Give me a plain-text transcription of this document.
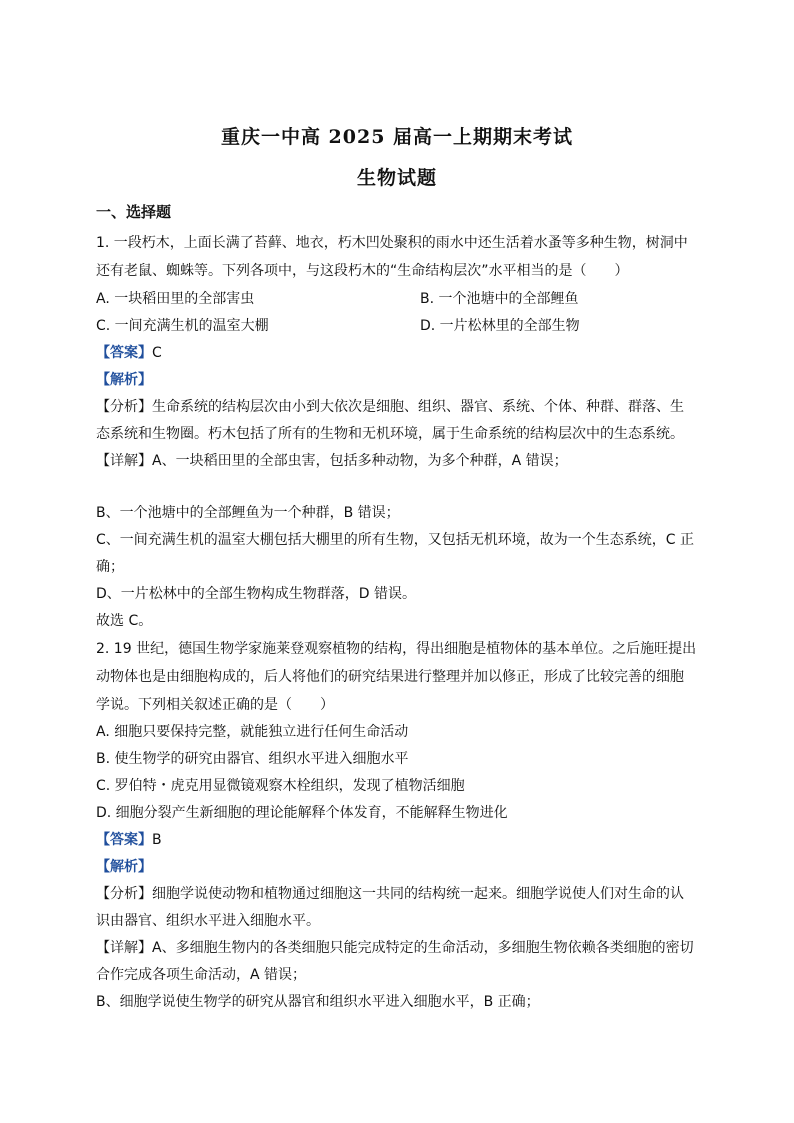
重庆一中高 2025 届高一上期期末考试
生物试题
一、选择题
1. 一段朽木，上面长满了苔藓、地衣，朽木凹处聚积的雨水中还生活着水蚤等多种生物，树洞中
还有老鼠、蜘蛛等。下列各项中，与这段朽木的“生命结构层次”水平相当的是（　　）
A. 一块稻田里的全部害虫	B. 一个池塘中的全部鲤鱼
C. 一间充满生机的温室大棚	D. 一片松林里的全部生物
【答案】C
【解析】
【分析】生命系统的结构层次由小到大依次是细胞、组织、器官、系统、个体、种群、群落、生
态系统和生物圈。朽木包括了所有的生物和无机环境，属于生命系统的结构层次中的生态系统。
【详解】A、一块稻田里的全部虫害，包括多种动物，为多个种群，A 错误；
B、一个池塘中的全部鲤鱼为一个种群，B 错误；
C、一间充满生机的温室大棚包括大棚里的所有生物，又包括无机环境，故为一个生态系统，C 正
确；
D、一片松林中的全部生物构成生物群落，D 错误。
故选 C。
2. 19 世纪，德国生物学家施莱登观察植物的结构，得出细胞是植物体的基本单位。之后施旺提出
动物体也是由细胞构成的，后人将他们的研究结果进行整理并加以修正，形成了比较完善的细胞
学说。下列相关叙述正确的是（　　）
A. 细胞只要保持完整，就能独立进行任何生命活动
B. 使生物学的研究由器官、组织水平进入细胞水平
C. 罗伯特・虎克用显微镜观察木栓组织，发现了植物活细胞
D. 细胞分裂产生新细胞的理论能解释个体发育，不能解释生物进化
【答案】B
【解析】
【分析】细胞学说使动物和植物通过细胞这一共同的结构统一起来。细胞学说使人们对生命的认
识由器官、组织水平进入细胞水平。
【详解】A、多细胞生物内的各类细胞只能完成特定的生命活动，多细胞生物依赖各类细胞的密切
合作完成各项生命活动，A 错误；
B、细胞学说使生物学的研究从器官和组织水平进入细胞水平，B 正确；
